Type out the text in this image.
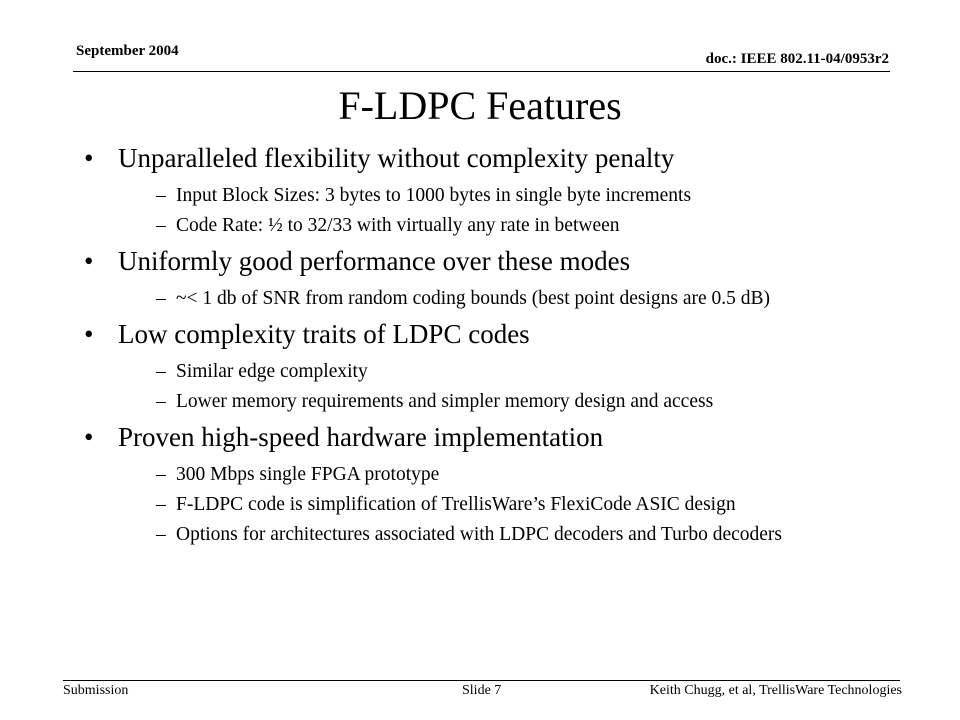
September 2004	doc.: IEEE 802.11-04/0953r2
F-LDPC Features
• Unparalleled flexibility without complexity penalty
– Input Block Sizes: 3 bytes to 1000 bytes in single byte increments
– Code Rate: ½ to 32/33 with virtually any rate in between
• Uniformly good performance over these modes
– ~< 1 db of SNR from random coding bounds (best point designs are 0.5 dB)
• Low complexity traits of LDPC codes
– Similar edge complexity
– Lower memory requirements and simpler memory design and access
• Proven high-speed hardware implementation
– 300 Mbps single FPGA prototype
– F-LDPC code is simplification of TrellisWare’s FlexiCode ASIC design
– Options for architectures associated with LDPC decoders and Turbo decoders
Submission	Slide 7	Keith Chugg, et al, TrellisWare Technologies
